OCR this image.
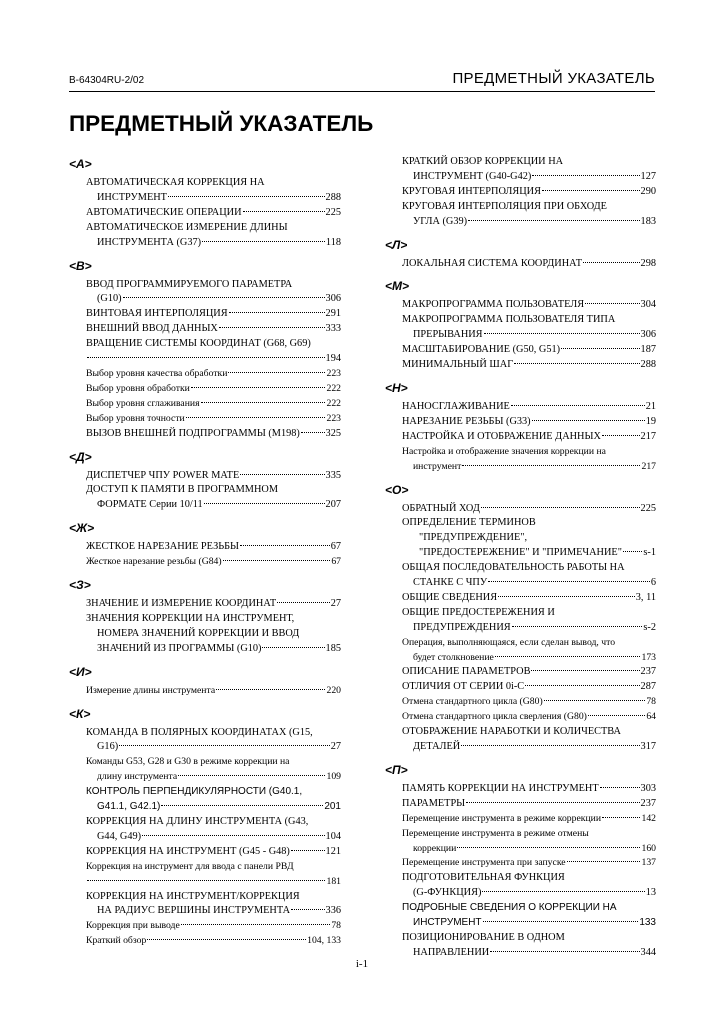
B-64304RU-2/02	ПРЕДМЕТНЫЙ УКАЗАТЕЛЬ
ПРЕДМЕТНЫЙ УКАЗАТЕЛЬ
<А>
АВТОМАТИЧЕСКАЯ КОРРЕКЦИЯ НА
ИНСТРУМЕНТ	288
АВТОМАТИЧЕСКИЕ ОПЕРАЦИИ	225
АВТОМАТИЧЕСКОЕ ИЗМЕРЕНИЕ ДЛИНЫ
ИНСТРУМЕНТА (G37)	118
<В>
ВВОД ПРОГРАММИРУЕМОГО ПАРАМЕТРА
(G10)	306
ВИНТОВАЯ ИНТЕРПОЛЯЦИЯ	291
ВНЕШНИЙ ВВОД ДАННЫХ	333
ВРАЩЕНИЕ СИСТЕМЫ КООРДИНАТ (G68, G69)
194
Выбор уровня качества обработки	223
Выбор уровня обработки	222
Выбор уровня сглаживания	222
Выбор уровня точности	223
ВЫЗОВ ВНЕШНЕЙ ПОДПРОГРАММЫ (M198) 325
<Д>
ДИСПЕТЧЕР ЧПУ POWER MATE	335
ДОСТУП К ПАМЯТИ В ПРОГРАММНОМ
ФОРМАТЕ Серии 10/11	207
<Ж>
ЖЕСТКОЕ НАРЕЗАНИЕ РЕЗЬБЫ	67
Жесткое нарезание резьбы (G84)	67
<З>
ЗНАЧЕНИЕ И ИЗМЕРЕНИЕ КООРДИНАТ	27
ЗНАЧЕНИЯ КОРРЕКЦИИ НА ИНСТРУМЕНТ,
НОМЕРА ЗНАЧЕНИЙ КОРРЕКЦИИ И ВВОД
ЗНАЧЕНИЙ ИЗ ПРОГРАММЫ (G10)	185
<И>
Измерение длины инструмента	220
<К>
КОМАНДА В ПОЛЯРНЫХ КООРДИНАТАХ (G15,
G16)	27
Команды G53, G28 и G30 в режиме коррекции на
длину инструмента	109
КОНТРОЛЬ ПЕРПЕНДИКУЛЯРНОСТИ (G40.1,
G41.1, G42.1)	201
КОРРЕКЦИЯ НА ДЛИНУ ИНСТРУМЕНТА (G43,
G44, G49)	104
КОРРЕКЦИЯ НА ИНСТРУМЕНТ (G45 - G48)	121
Коррекция на инструмент для ввода с панели РВД
181
КОРРЕКЦИЯ НА ИНСТРУМЕНТ/КОРРЕКЦИЯ
НА РАДИУС ВЕРШИНЫ ИНСТРУМЕНТА	336
Коррекция при выводе	78
Краткий обзор	104, 133
КРАТКИЙ ОБЗОР КОРРЕКЦИИ НА
ИНСТРУМЕНТ (G40-G42)	127
КРУГОВАЯ ИНТЕРПОЛЯЦИЯ	290
КРУГОВАЯ ИНТЕРПОЛЯЦИЯ ПРИ ОБХОДЕ
УГЛА (G39)	183
<Л>
ЛОКАЛЬНАЯ СИСТЕМА КООРДИНАТ	298
<М>
МАКРОПРОГРАММА ПОЛЬЗОВАТЕЛЯ	304
МАКРОПРОГРАММА ПОЛЬЗОВАТЕЛЯ ТИПА
ПРЕРЫВАНИЯ	306
МАСШТАБИРОВАНИЕ (G50, G51)	187
МИНИМАЛЬНЫЙ ШАГ	288
<Н>
НАНОСГЛАЖИВАНИЕ	21
НАРЕЗАНИЕ РЕЗЬБЫ (G33)	19
НАСТРОЙКА И ОТОБРАЖЕНИЕ ДАННЫХ	217
Настройка и отображение значения коррекции на
инструмент	217
<О>
ОБРАТНЫЙ ХОД	225
ОПРЕДЕЛЕНИЕ ТЕРМИНОВ
"ПРЕДУПРЕЖДЕНИЕ",
"ПРЕДОСТЕРЕЖЕНИЕ" И "ПРИМЕЧАНИЕ" s-1
ОБЩАЯ ПОСЛЕДОВАТЕЛЬНОСТЬ РАБОТЫ НА
СТАНКЕ С ЧПУ	6
ОБЩИЕ СВЕДЕНИЯ	3, 11
ОБЩИЕ ПРЕДОСТЕРЕЖЕНИЯ И
ПРЕДУПРЕЖДЕНИЯ	s-2
Операция, выполняющаяся, если сделан вывод, что
будет столкновение	173
ОПИСАНИЕ ПАРАМЕТРОВ	237
ОТЛИЧИЯ ОТ СЕРИИ 0i-C	287
Отмена стандартного цикла (G80)	78
Отмена стандартного цикла сверления (G80)	64
ОТОБРАЖЕНИЕ НАРАБОТКИ И КОЛИЧЕСТВА
ДЕТАЛЕЙ	317
<П>
ПАМЯТЬ КОРРЕКЦИИ НА ИНСТРУМЕНТ	303
ПАРАМЕТРЫ	237
Перемещение инструмента в режиме коррекции	142
Перемещение инструмента в режиме отмены
коррекции	160
Перемещение инструмента при запуске	137
ПОДГОТОВИТЕЛЬНАЯ ФУНКЦИЯ
(G-ФУНКЦИЯ)	13
ПОДРОБНЫЕ СВЕДЕНИЯ О КОРРЕКЦИИ НА
ИНСТРУМЕНТ	133
ПОЗИЦИОНИРОВАНИЕ В ОДНОМ
НАПРАВЛЕНИИ	344
i-1
